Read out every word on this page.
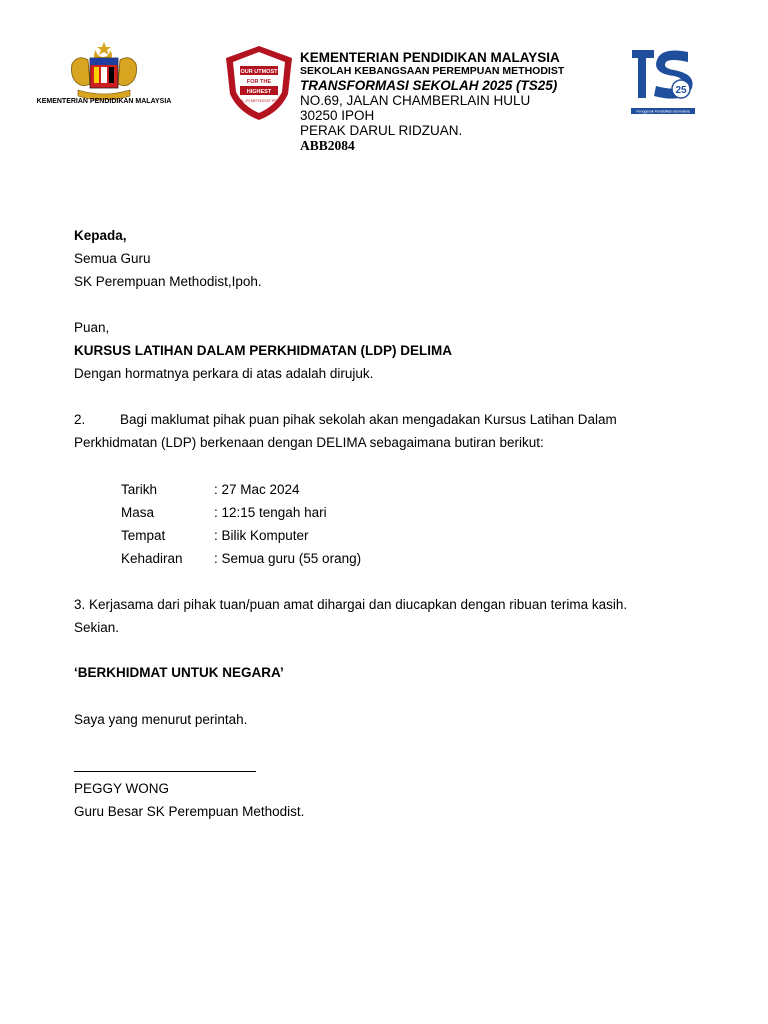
KEMENTERIAN PENDIDIKAN MALAYSIA
OUR UTMOST
FOR THE
HIGHEST
S.K. (P) METHODIST IPOH
KEMENTERIAN PENDIDIKAN MALAYSIA
SEKOLAH KEBANGSAAN PEREMPUAN METHODIST
TRANSFORMASI SEKOLAH 2025 (TS25)
NO.69, JALAN CHAMBERLAIN HULU
30250 IPOH
PERAK DARUL RIDZUAN.
ABB2084
25
Penggerak Pendidikan Bermakna
Kepada,
Semua Guru
SK Perempuan Methodist,Ipoh.
Puan,
KURSUS LATIHAN DALAM PERKHIDMATAN (LDP) DELIMA
Dengan hormatnya perkara di atas adalah dirujuk.
2.	Bagi maklumat pihak puan pihak sekolah akan mengadakan Kursus Latihan Dalam
Perkhidmatan (LDP) berkenaan dengan DELIMA sebagaimana butiran berikut:
Tarikh	: 27 Mac 2024
Masa	: 12:15 tengah hari
Tempat	: Bilik Komputer
Kehadiran : Semua guru (55 orang)
3. Kerjasama dari pihak tuan/puan amat dihargai dan diucapkan dengan ribuan terima kasih.
Sekian.
‘BERKHIDMAT UNTUK NEGARA’
Saya yang menurut perintah.
PEGGY WONG
Guru Besar SK Perempuan Methodist.
